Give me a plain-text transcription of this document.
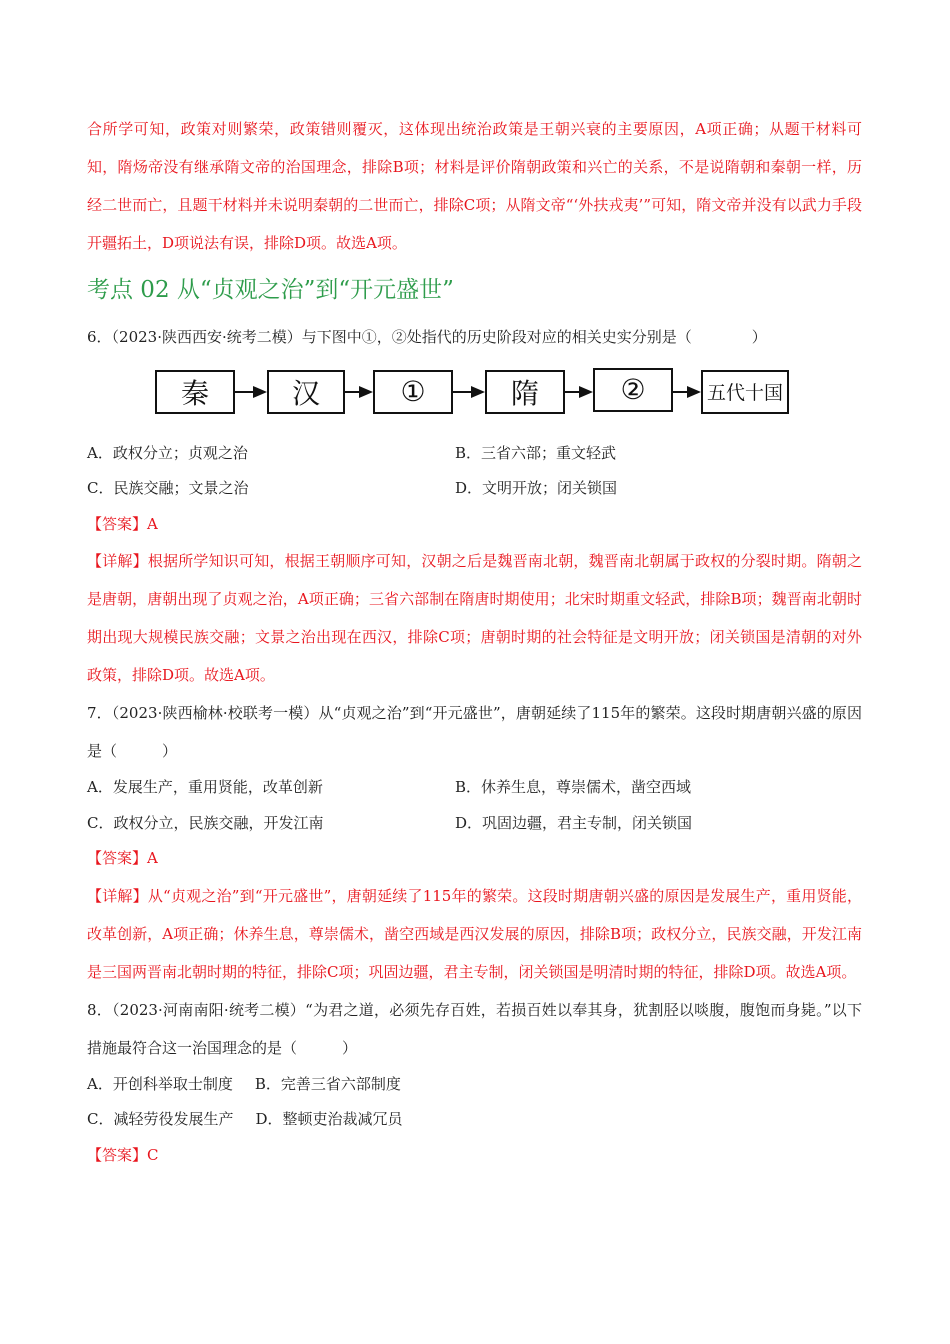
合所学可知，政策对则繁荣，政策错则覆灭，这体现出统治政策是王朝兴衰的主要原因，A项正确；从题干材料可知，隋炀帝没有继承隋文帝的治国理念，排除B项；材料是评价隋朝政策和兴亡的关系，不是说隋朝和秦朝一样，历经二世而亡，且题干材料并未说明秦朝的二世而亡，排除C项；从隋文帝“‘外扶戎夷’”可知，隋文帝并没有以武力手段开疆拓土，D项说法有误，排除D项。故选A项。
考点 02 从“贞观之治”到“开元盛世”
6．（2023·陕西西安·统考二模）与下图中①，②处指代的历史阶段对应的相关史实分别是（　　　　）
秦	汉	①	隋	②	五代十国
A．政权分立；贞观之治	B．三省六部；重文轻武
C．民族交融；文景之治	D．文明开放；闭关锁国
【答案】A
【详解】根据所学知识可知，根据王朝顺序可知，汉朝之后是魏晋南北朝，魏晋南北朝属于政权的分裂时期。隋朝之是唐朝，唐朝出现了贞观之治，A项正确；三省六部制在隋唐时期使用；北宋时期重文轻武，排除B项；魏晋南北朝时期出现大规模民族交融；文景之治出现在西汉，排除C项；唐朝时期的社会特征是文明开放；闭关锁国是清朝的对外政策，排除D项。故选A项。
7．（2023·陕西榆林·校联考一模）从“贞观之治”到“开元盛世”，唐朝延续了115年的繁荣。这段时期唐朝兴盛的原因是（　　　）
A．发展生产，重用贤能，改革创新	B．休养生息，尊崇儒术，凿空西域
C．政权分立，民族交融，开发江南	D．巩固边疆，君主专制，闭关锁国
【答案】A
【详解】从“贞观之治”到“开元盛世”，唐朝延续了115年的繁荣。这段时期唐朝兴盛的原因是发展生产，重用贤能，改革创新，A项正确；休养生息，尊崇儒术，凿空西域是西汉发展的原因，排除B项；政权分立，民族交融，开发江南是三国两晋南北朝时期的特征，排除C项；巩固边疆，君主专制，闭关锁国是明清时期的特征，排除D项。故选A项。
8．（2023·河南南阳·统考二模）“为君之道，必须先存百姓，若损百姓以奉其身，犹割胫以啖腹，腹饱而身毙。”以下措施最符合这一治国理念的是（　　　）
A．开创科举取士制度 B．完善三省六部制度
C．减轻劳役发展生产 D．整顿吏治裁减冗员
【答案】C
